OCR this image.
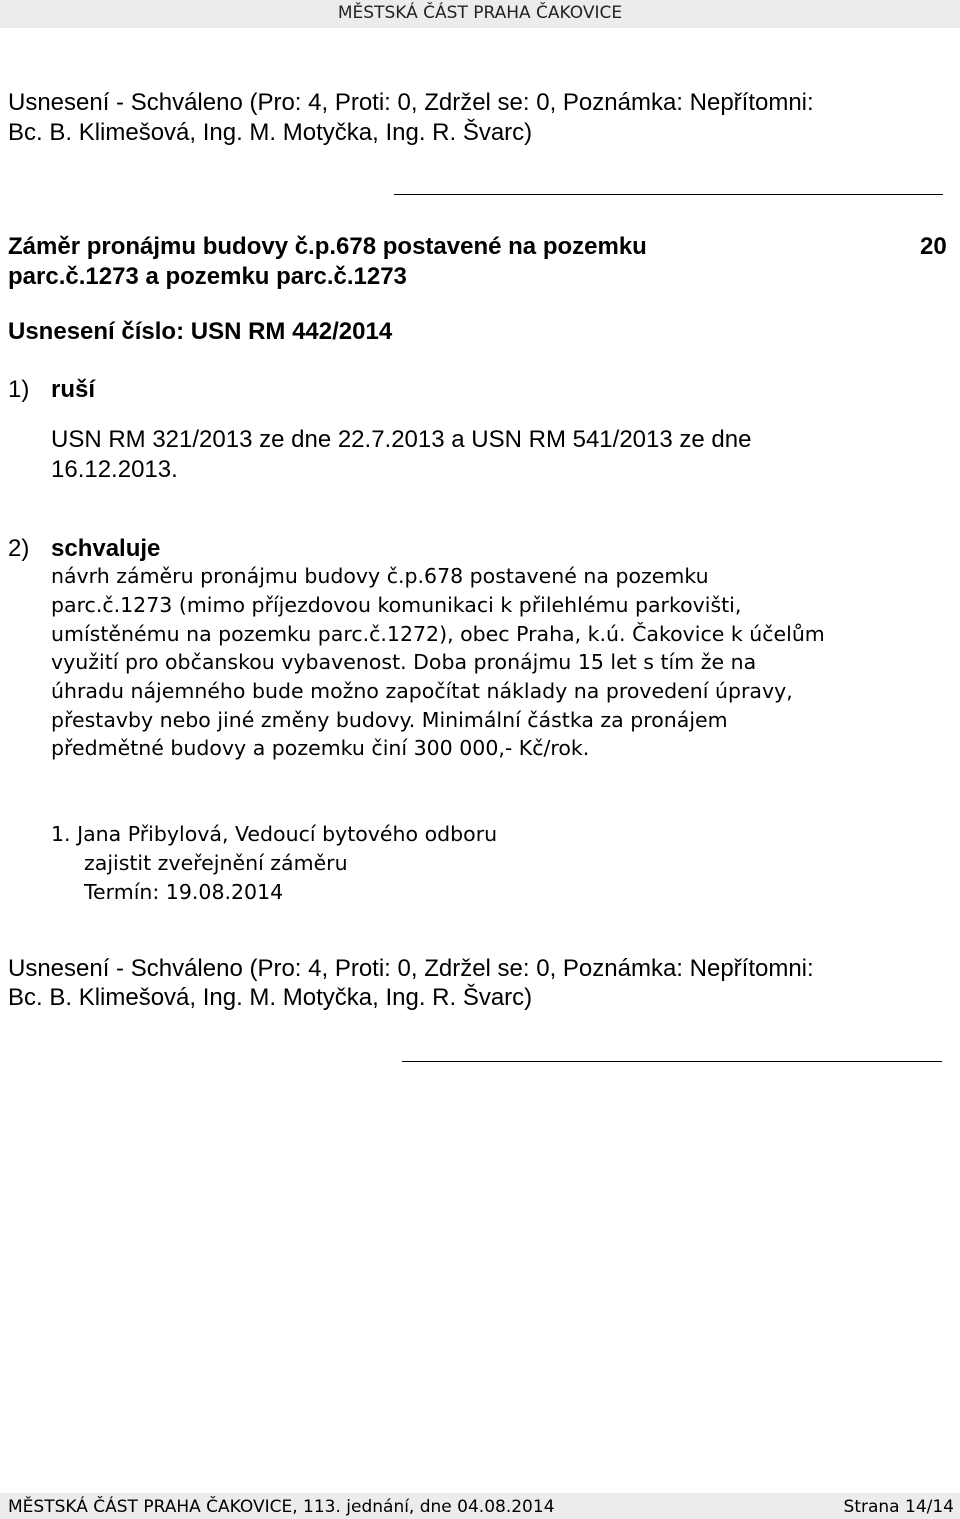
MĚSTSKÁ ČÁST PRAHA ČAKOVICE
Usnesení - Schváleno (Pro: 4, Proti: 0, Zdržel se: 0, Poznámka: Nepřítomni:
Bc. B. Klimešová, Ing. M. Motyčka, Ing. R. Švarc)
Záměr pronájmu budovy č.p.678 postavené na pozemku
parc.č.1273 a pozemku parc.č.1273
20
Usnesení číslo: USN RM 442/2014
1) ruší
USN RM 321/2013 ze dne 22.7.2013 a USN RM 541/2013 ze dne
16.12.2013.
2) schvaluje
návrh záměru pronájmu budovy č.p.678 postavené na pozemku
parc.č.1273 (mimo příjezdovou komunikaci k přilehlému parkovišti,
umístěnému na pozemku parc.č.1272), obec Praha, k.ú. Čakovice k účelům
využití pro občanskou vybavenost. Doba pronájmu 15 let s tím že na
úhradu nájemného bude možno započítat náklady na provedení úpravy,
přestavby nebo jiné změny budovy. Minimální částka za pronájem
předmětné budovy a pozemku činí 300 000,- Kč/rok.
1. Jana Přibylová, Vedoucí bytového odboru
zajistit zveřejnění záměru
Termín: 19.08.2014
Usnesení - Schváleno (Pro: 4, Proti: 0, Zdržel se: 0, Poznámka: Nepřítomni:
Bc. B. Klimešová, Ing. M. Motyčka, Ing. R. Švarc)
MĚSTSKÁ ČÁST PRAHA ČAKOVICE, 113. jednání, dne 04.08.2014	Strana 14/14
